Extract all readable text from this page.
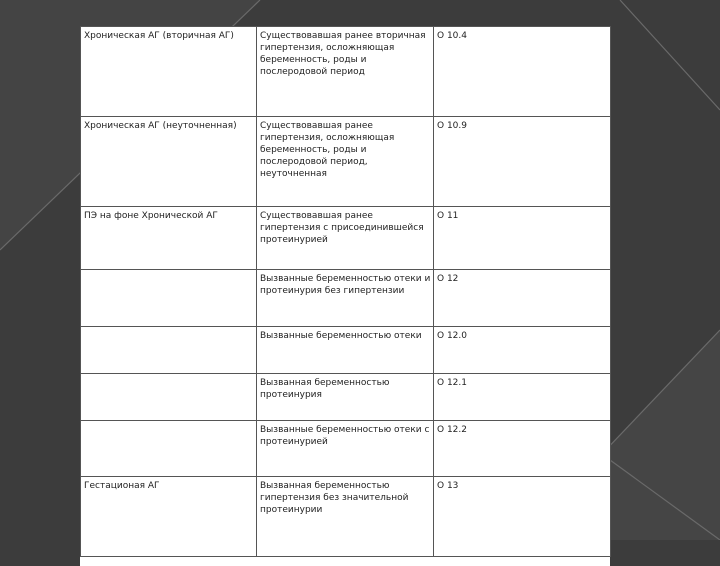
Хроническая АГ (вторичная АГ)	Существовавшая ранее вторичная гипертензия, осложняющая беременность, роды и послеродовой период	О 10.4
Хроническая АГ (неуточненная)	Существовавшая ранее гипертензия, осложняющая беременность, роды и послеродовой период, неуточненная	О 10.9
ПЭ на фоне Хронической АГ	Существовавшая ранее гипертензия с присоединившейся протеинурией	О 11
	Вызванные беременностью отеки и протеинурия без гипертензии	О 12
	Вызванные беременностью отеки	О 12.0
	Вызванная беременностью протеинурия	О 12.1
	Вызванные беременностью отеки с протеинурией	О 12.2
Гестационая АГ	Вызванная беременностью гипертензия без значительной протеинурии	О 13
